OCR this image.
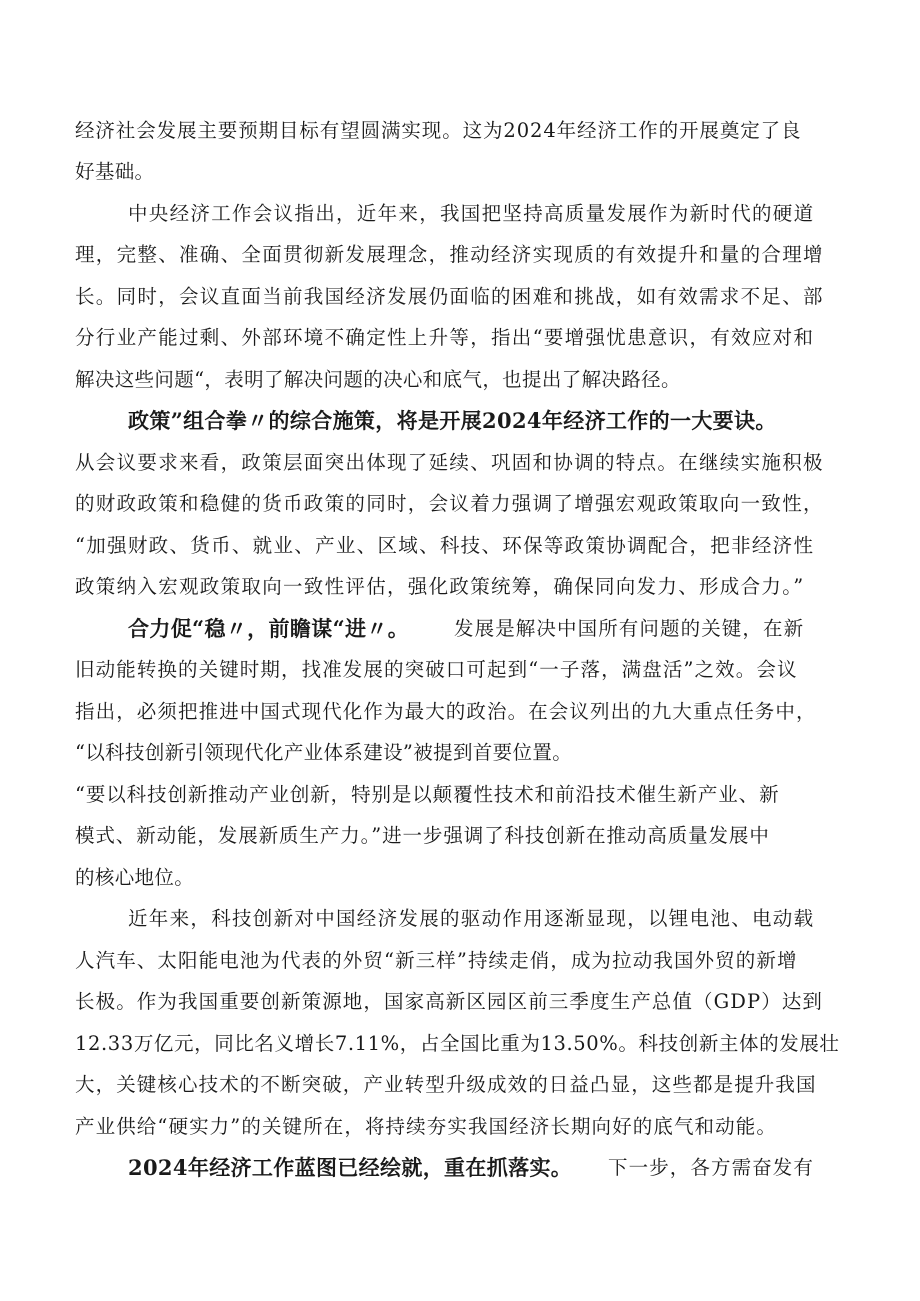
经济社会发展主要预期目标有望圆满实现。这为2024年经济工作的开展奠定了良
好基础。
中央经济工作会议指出，近年来，我国把坚持高质量发展作为新时代的硬道
理，完整、准确、全面贯彻新发展理念，推动经济实现质的有效提升和量的合理增
长。同时，会议直面当前我国经济发展仍面临的困难和挑战，如有效需求不足、部
分行业产能过剩、外部环境不确定性上升等，指出“要增强忧患意识，有效应对和
解决这些问题“，表明了解决问题的决心和底气，也提出了解决路径。
政策”组合拳〃的综合施策，将是开展2024年经济工作的一大要诀。
从会议要求来看，政策层面突出体现了延续、巩固和协调的特点。在继续实施积极
的财政政策和稳健的货币政策的同时，会议着力强调了增强宏观政策取向一致性，
“加强财政、货币、就业、产业、区域、科技、环保等政策协调配合，把非经济性
政策纳入宏观政策取向一致性评估，强化政策统筹，确保同向发力、形成合力。”
合力促“稳〃，前瞻谋“进〃。 发展是解决中国所有问题的关键，在新
旧动能转换的关键时期，找准发展的突破口可起到“一子落，满盘活”之效。会议
指出，必须把推进中国式现代化作为最大的政治。在会议列出的九大重点任务中，
“以科技创新引领现代化产业体系建设”被提到首要位置。
“要以科技创新推动产业创新，特别是以颠覆性技术和前沿技术催生新产业、新
模式、新动能，发展新质生产力。”进一步强调了科技创新在推动高质量发展中
的核心地位。
近年来，科技创新对中国经济发展的驱动作用逐渐显现，以锂电池、电动载
人汽车、太阳能电池为代表的外贸“新三样”持续走俏，成为拉动我国外贸的新增
长极。作为我国重要创新策源地，国家高新区园区前三季度生产总值（GDP）达到
12.33万亿元，同比名义增长7.11%，占全国比重为13.50%。科技创新主体的发展壮
大，关键核心技术的不断突破，产业转型升级成效的日益凸显，这些都是提升我国
产业供给“硬实力”的关键所在，将持续夯实我国经济长期向好的底气和动能。
2024年经济工作蓝图已经绘就，重在抓落实。 下一步，各方需奋发有
